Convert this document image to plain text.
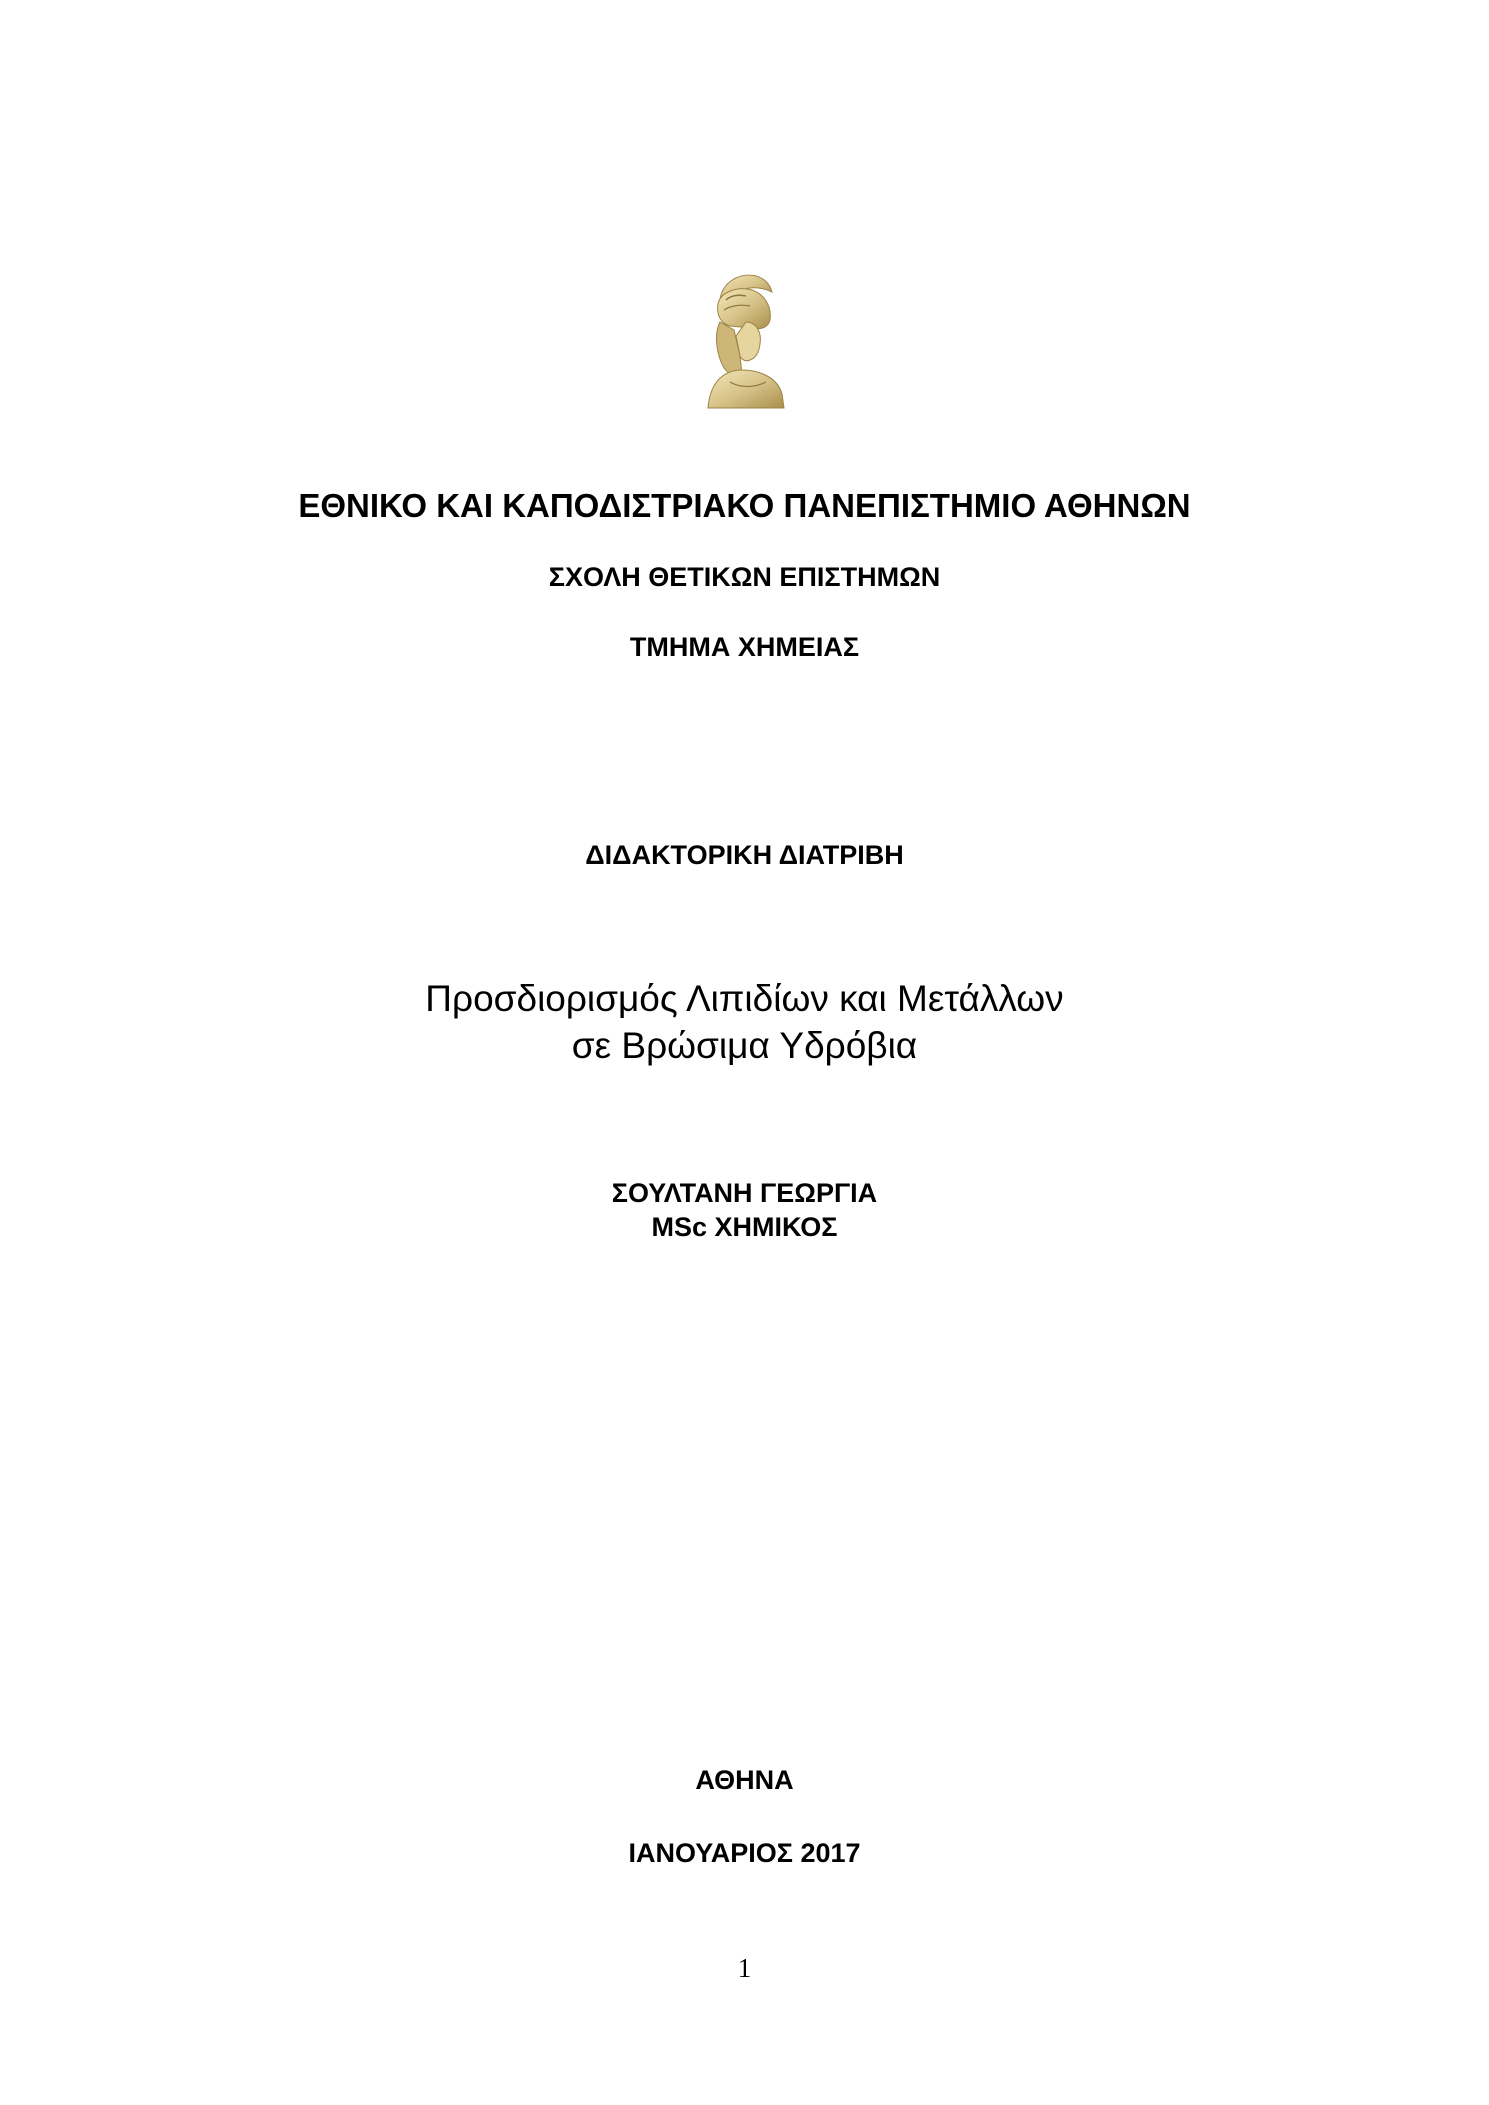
ΕΘΝΙΚΟ ΚΑΙ ΚΑΠΟΔΙΣΤΡΙΑΚΟ ΠΑΝΕΠΙΣΤΗΜΙΟ ΑΘΗΝΩΝ
ΣΧΟΛΗ ΘΕΤΙΚΩΝ ΕΠΙΣΤΗΜΩΝ
ΤΜΗΜΑ ΧΗΜΕΙΑΣ
ΔΙΔΑΚΤΟΡΙΚΗ ΔΙΑΤΡΙΒΗ
Προσδιορισμός Λιπιδίων και Μετάλλων
σε Βρώσιμα Υδρόβια
ΣΟΥΛΤΑΝΗ ΓΕΩΡΓΙΑ
MSc ΧΗΜΙΚΟΣ
ΑΘΗΝΑ
ΙΑΝΟΥΑΡΙΟΣ 2017
1
